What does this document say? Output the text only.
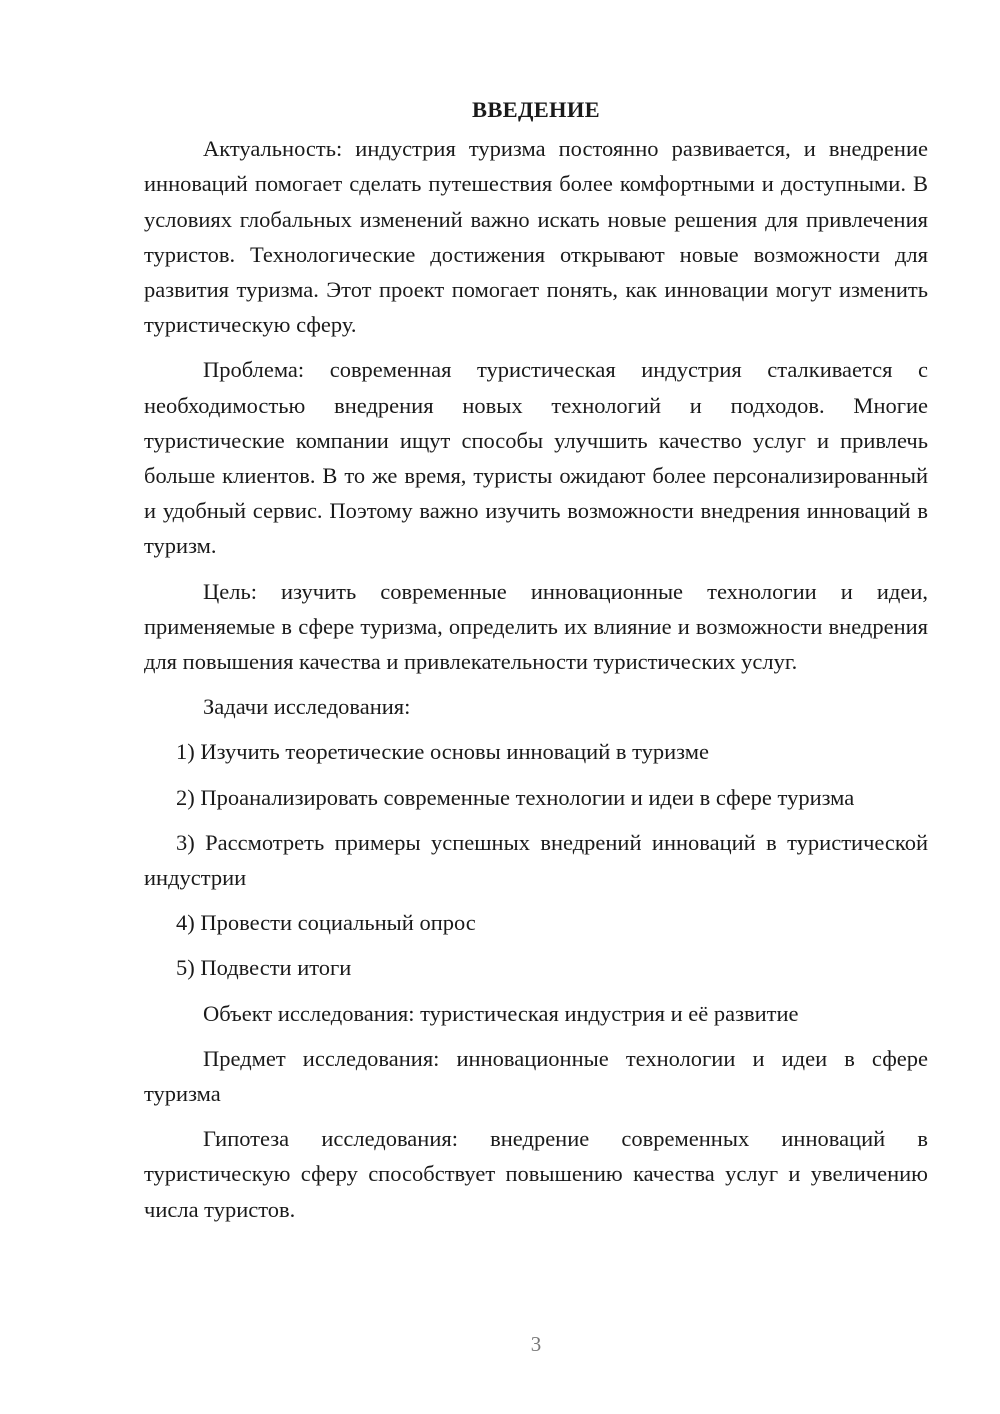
ВВЕДЕНИЕ

Актуальность: индустрия туризма постоянно развивается, и внедрение инноваций помогает сделать путешествия более комфортными и доступными. В условиях глобальных изменений важно искать новые решения для привлечения туристов. Технологические достижения открывают новые возможности для развития туризма. Этот проект помогает понять, как инновации могут изменить туристическую сферу.

Проблема: современная туристическая индустрия сталкивается с необходимостью внедрения новых технологий и подходов. Многие туристические компании ищут способы улучшить качество услуг и привлечь больше клиентов. В то же время, туристы ожидают более персонализированный и удобный сервис. Поэтому важно изучить возможности внедрения инноваций в туризм.

Цель: изучить современные инновационные технологии и идеи, применяемые в сфере туризма, определить их влияние и возможности внедрения для повышения качества и привлекательности туристических услуг.

Задачи исследования:

1) Изучить теоретические основы инноваций в туризме

2) Проанализировать современные технологии и идеи в сфере туризма

3) Рассмотреть примеры успешных внедрений инноваций в туристической индустрии

4) Провести социальный опрос

5) Подвести итоги

Объект исследования: туристическая индустрия и её развитие

Предмет исследования: инновационные технологии и идеи в сфере туризма

Гипотеза исследования: внедрение современных инноваций в туристическую сферу способствует повышению качества услуг и увеличению числа туристов.

3
